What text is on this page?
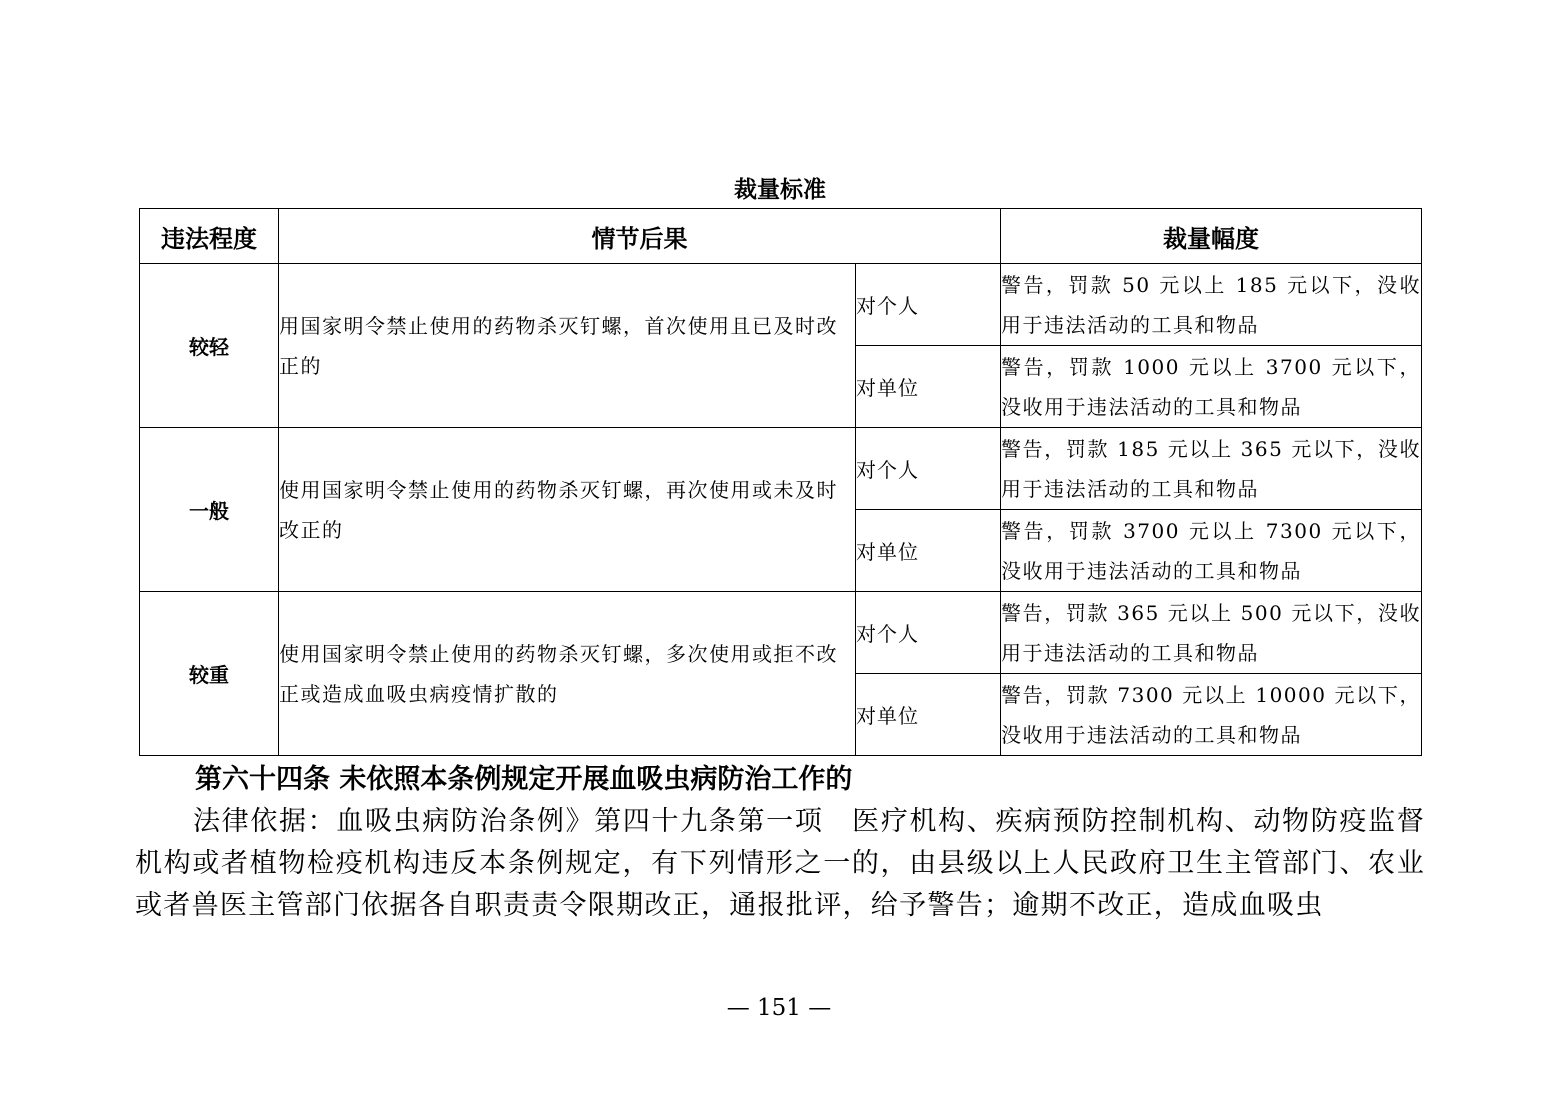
裁量标准
违法程度	情节后果		裁量幅度
较轻	用国家明令禁止使用的药物杀灭钉螺，首次使用且已及时改正的	对个人	警告，罚款 50 元以上 185 元以下，没收用于违法活动的工具和物品
		对单位	警告，罚款 1000 元以上 3700 元以下，没收用于违法活动的工具和物品
一般	使用国家明令禁止使用的药物杀灭钉螺，再次使用或未及时改正的	对个人	警告，罚款 185 元以上 365 元以下，没收用于违法活动的工具和物品
		对单位	警告，罚款 3700 元以上 7300 元以下，没收用于违法活动的工具和物品
较重	使用国家明令禁止使用的药物杀灭钉螺，多次使用或拒不改正或造成血吸虫病疫情扩散的	对个人	警告，罚款 365 元以上 500 元以下，没收用于违法活动的工具和物品
		对单位	警告，罚款 7300 元以上 10000 元以下，没收用于违法活动的工具和物品
第六十四条 未依照本条例规定开展血吸虫病防治工作的

法律依据：血吸虫病防治条例》第四十九条第一项　医疗机构、疾病预防控制机构、动物防疫监督机构或者植物检疫机构违反本条例规定，有下列情形之一的，由县级以上人民政府卫生主管部门、农业或者兽医主管部门依据各自职责责令限期改正，通报批评，给予警告；逾期不改正，造成血吸虫

— 151 —
